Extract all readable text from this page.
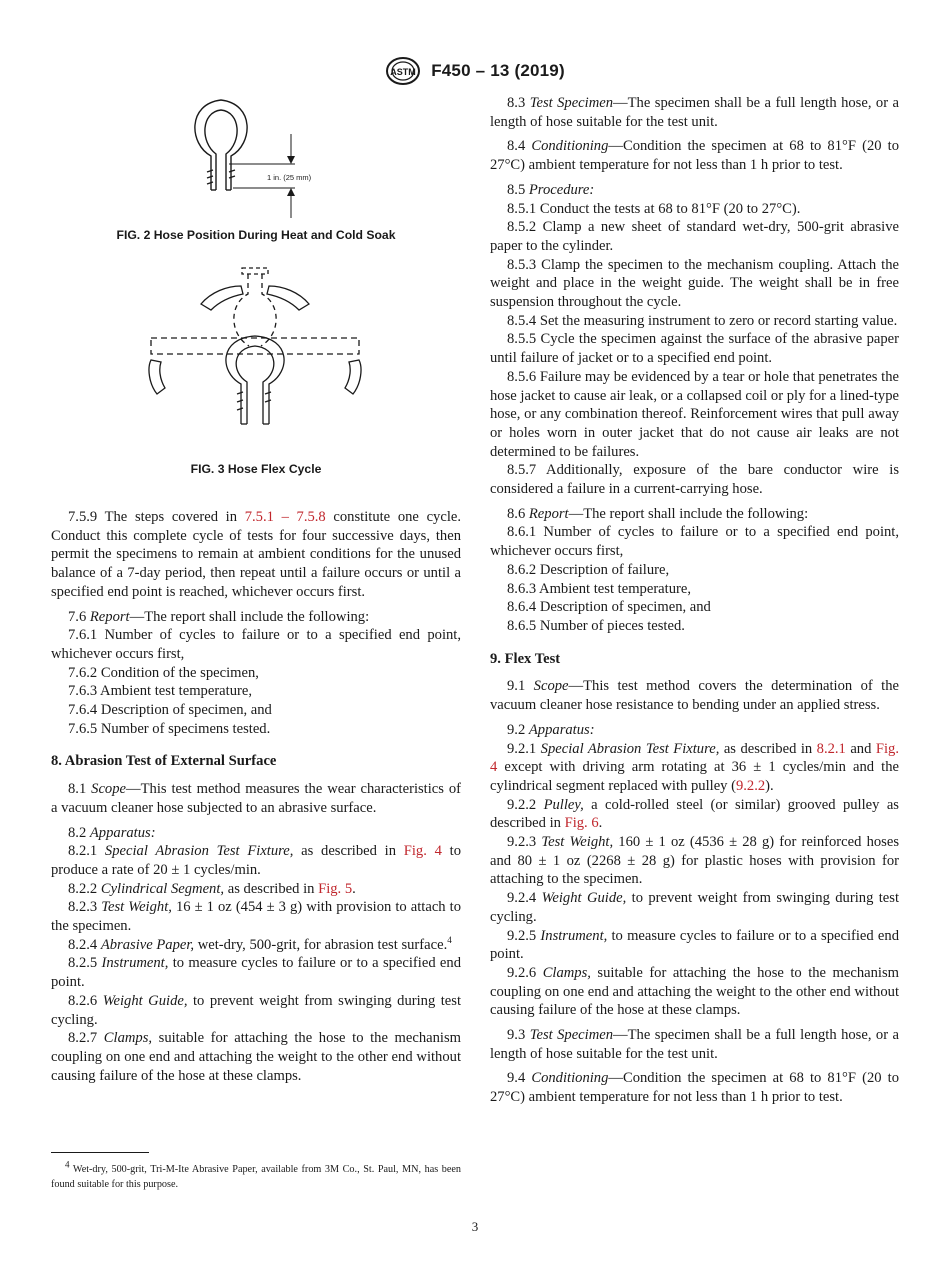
ASTM F450 – 13 (2019)
1 in. (25 mm)
FIG. 2 Hose Position During Heat and Cold Soak
FIG. 3 Hose Flex Cycle

7.5.9 The steps covered in 7.5.1 – 7.5.8 constitute one cycle. Conduct this complete cycle of tests for four successive days, then permit the specimens to remain at ambient conditions for the unused balance of a 7-day period, then repeat until a failure occurs or until a specified end point is reached, whichever occurs first.

7.6 Report—The report shall include the following:

7.6.1 Number of cycles to failure or to a specified end point, whichever occurs first,

7.6.2 Condition of the specimen,

7.6.3 Ambient test temperature,

7.6.4 Description of specimen, and

7.6.5 Number of specimens tested.

8. Abrasion Test of External Surface

8.1 Scope—This test method measures the wear characteristics of a vacuum cleaner hose subjected to an abrasive surface.

8.2 Apparatus:

8.2.1 Special Abrasion Test Fixture, as described in Fig. 4 to produce a rate of 20 ± 1 cycles/min.

8.2.2 Cylindrical Segment, as described in Fig. 5.

8.2.3 Test Weight, 16 ± 1 oz (454 ± 3 g) with provision to attach to the specimen.

8.2.4 Abrasive Paper, wet-dry, 500-grit, for abrasion test surface.$^4$

8.2.5 Instrument, to measure cycles to failure or to a specified end point.

8.2.6 Weight Guide, to prevent weight from swinging during test cycling.

8.2.7 Clamps, suitable for attaching the hose to the mechanism coupling on one end and attaching the weight to the other end without causing failure of the hose at these clamps.

8.3 Test Specimen—The specimen shall be a full length hose, or a length of hose suitable for the test unit.

8.4 Conditioning—Condition the specimen at 68 to 81°F (20 to 27°C) ambient temperature for not less than 1 h prior to test.

8.5 Procedure:

8.5.1 Conduct the tests at 68 to 81°F (20 to 27°C).

8.5.2 Clamp a new sheet of standard wet-dry, 500-grit abrasive paper to the cylinder.

8.5.3 Clamp the specimen to the mechanism coupling. Attach the weight and place in the weight guide. The weight shall be in free suspension throughout the cycle.

8.5.4 Set the measuring instrument to zero or record starting value.

8.5.5 Cycle the specimen against the surface of the abrasive paper until failure of jacket or to a specified end point.

8.5.6 Failure may be evidenced by a tear or hole that penetrates the hose jacket to cause air leak, or a collapsed coil or ply for a lined-type hose, or any combination thereof. Reinforcement wires that pull away or holes worn in outer jacket that do not cause air leaks are not determined to be failures.

8.5.7 Additionally, exposure of the bare conductor wire is considered a failure in a current-carrying hose.

8.6 Report—The report shall include the following:

8.6.1 Number of cycles to failure or to a specified end point, whichever occurs first,

8.6.2 Description of failure,

8.6.3 Ambient test temperature,

8.6.4 Description of specimen, and

8.6.5 Number of pieces tested.

9. Flex Test

9.1 Scope—This test method covers the determination of the vacuum cleaner hose resistance to bending under an applied stress.

9.2 Apparatus:

9.2.1 Special Abrasion Test Fixture, as described in 8.2.1 and Fig. 4 except with driving arm rotating at 36 ± 1 cycles/min and the cylindrical segment replaced with pulley (9.2.2).

9.2.2 Pulley, a cold-rolled steel (or similar) grooved pulley as described in Fig. 6.

9.2.3 Test Weight, 160 ± 1 oz (4536 ± 28 g) for reinforced hoses and 80 ± 1 oz (2268 ± 28 g) for plastic hoses with provision for attaching to the specimen.

9.2.4 Weight Guide, to prevent weight from swinging during test cycling.

9.2.5 Instrument, to measure cycles to failure or to a specified end point.

9.2.6 Clamps, suitable for attaching the hose to the mechanism coupling on one end and attaching the weight to the other end without causing failure of the hose at these clamps.

9.3 Test Specimen—The specimen shall be a full length hose, or a length of hose suitable for the test unit.

9.4 Conditioning—Condition the specimen at 68 to 81°F (20 to 27°C) ambient temperature for not less than 1 h prior to test.

$^4$ Wet-dry, 500-grit, Tri-M-Ite Abrasive Paper, available from 3M Co., St. Paul, MN, has been found suitable for this purpose.
3
